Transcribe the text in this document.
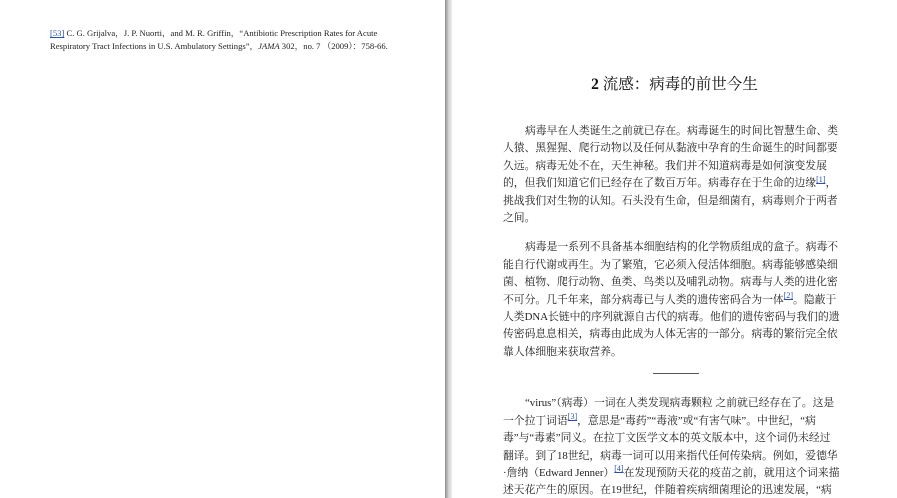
[53] C. G. Grijalva，J. P. Nuorti，and M. R. Griffin，“Antibiotic Prescription Rates for Acute
Respiratory Tract Infections in U.S. Ambulatory Settings”，JAMA 302，no. 7 （2009）：758-66.
2 流感：病毒的前世今生
病毒早在人类诞生之前就已存在。病毒诞生的时间比智慧生命、类
人猿、黑猩猩、爬行动物以及任何从黏液中孕育的生命诞生的时间都要
久远。病毒无处不在，天生神秘。我们并不知道病毒是如何演变发展
的，但我们知道它们已经存在了数百万年。病毒存在于生命的边缘[1]，
挑战我们对生物的认知。石头没有生命，但是细菌有，病毒则介于两者
之间。
病毒是一系列不具备基本细胞结构的化学物质组成的盒子。病毒不
能自行代谢或再生。为了繁殖，它必须入侵活体细胞。病毒能够感染细
菌、植物、爬行动物、鱼类、鸟类以及哺乳动物。病毒与人类的进化密
不可分。几千年来，部分病毒已与人类的遗传密码合为一体[2]。隐蔽于
人类DNA长链中的序列就源自古代的病毒。他们的遗传密码与我们的遗
传密码息息相关，病毒由此成为人体无害的一部分。病毒的繁衍完全依
靠人体细胞来获取营养。
“virus”（病毒）一词在人类发现病毒颗粒 之前就已经存在了。这是
一个拉丁词语[3]，意思是“毒药”“毒液”或“有害气味”。中世纪，“病
毒”与“毒素”同义。在拉丁文医学文本的英文版本中，这个词仍未经过
翻译。到了18世纪，病毒一词可以用来指代任何传染病。例如，爱德华
·詹纳（Edward Jenner）[4]在发现预防天花的疫苗之前，就用这个词来描
述天花产生的原因。在19世纪，伴随着疾病细菌理论的迅速发展，“病
